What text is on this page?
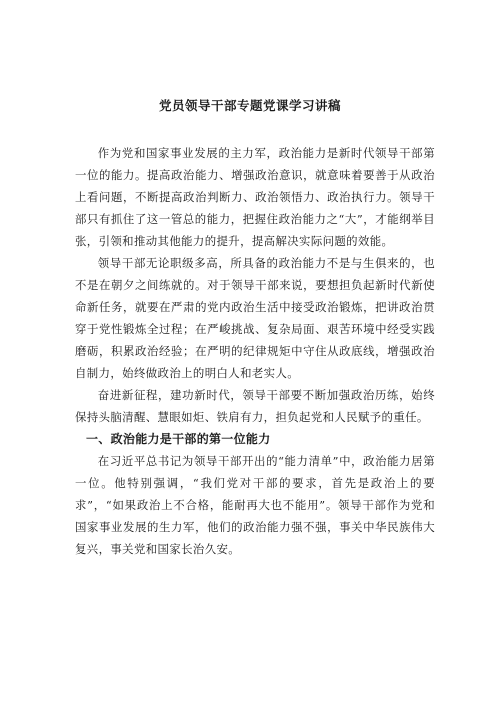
党员领导干部专题党课学习讲稿

作为党和国家事业发展的主力军，政治能力是新时代领导干部第一位的能力。提高政治能力、增强政治意识，就意味着要善于从政治上看问题，不断提高政治判断力、政治领悟力、政治执行力。领导干部只有抓住了这一管总的能力，把握住政治能力之“大”，才能纲举目张，引领和推动其他能力的提升，提高解决实际问题的效能。

领导干部无论职级多高，所具备的政治能力不是与生俱来的，也不是在朝夕之间练就的。对于领导干部来说，要想担负起新时代新使命新任务，就要在严肃的党内政治生活中接受政治锻炼，把讲政治贯穿于党性锻炼全过程；在严峻挑战、复杂局面、艰苦环境中经受实践磨砺，积累政治经验；在严明的纪律规矩中守住从政底线，增强政治自制力，始终做政治上的明白人和老实人。

奋进新征程，建功新时代，领导干部要不断加强政治历练，始终保持头脑清醒、慧眼如炬、铁肩有力，担负起党和人民赋予的重任。

一、政治能力是干部的第一位能力

在习近平总书记为领导干部开出的“能力清单”中，政治能力居第一位。他特别强调，“我们党对干部的要求，首先是政治上的要求”，“如果政治上不合格，能耐再大也不能用”。领导干部作为党和国家事业发展的生力军，他们的政治能力强不强，事关中华民族伟大复兴，事关党和国家长治久安。
